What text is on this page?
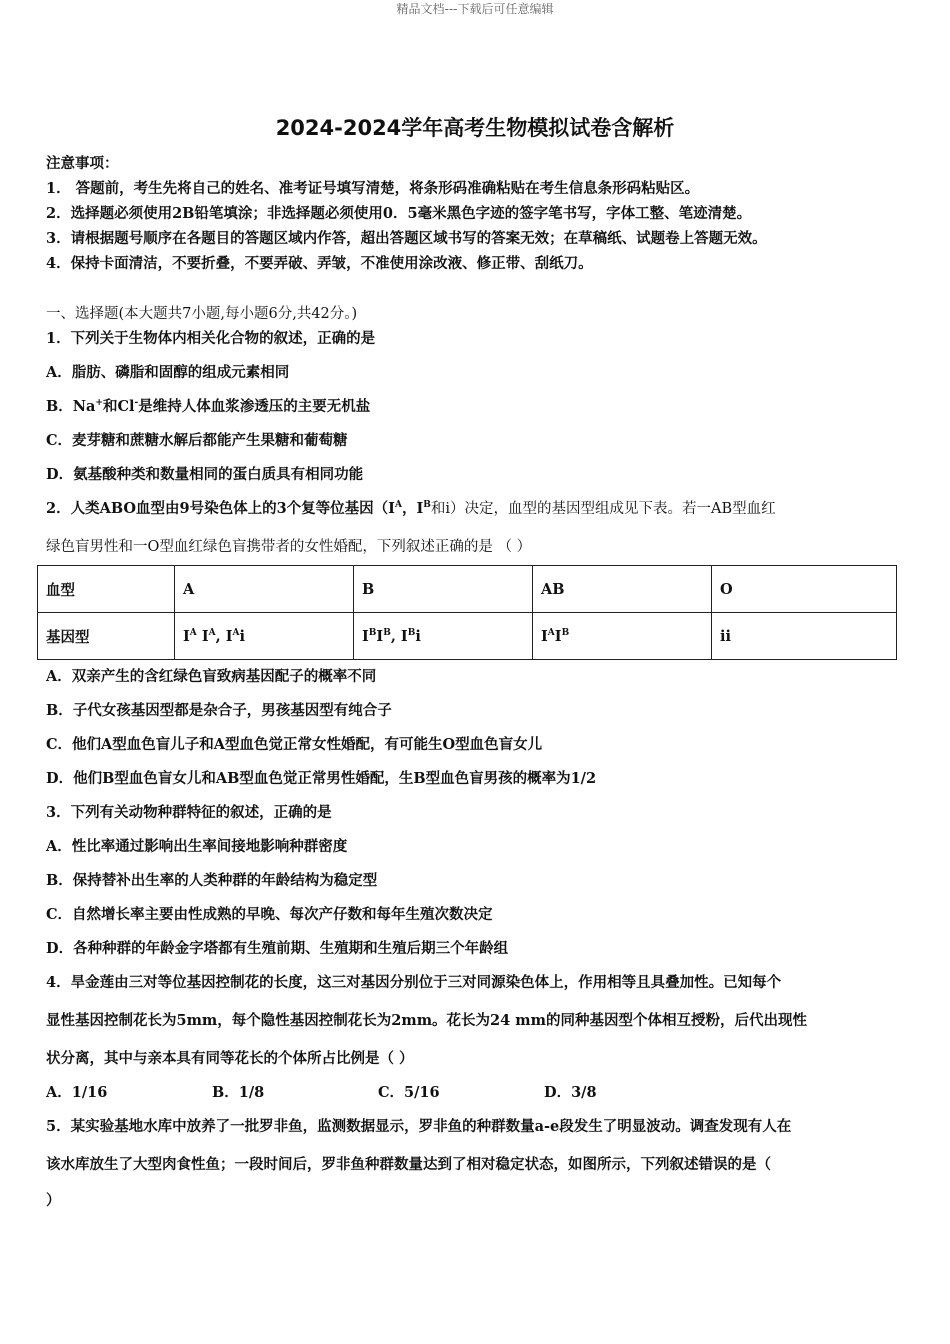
精品文档---下载后可任意编辑
2024-2024学年高考生物模拟试卷含解析
注意事项：
1． 答题前，考生先将自己的姓名、准考证号填写清楚，将条形码准确粘贴在考生信息条形码粘贴区。
2．选择题必须使用2B铅笔填涂；非选择题必须使用0．5毫米黑色字迹的签字笔书写，字体工整、笔迹清楚。
3．请根据题号顺序在各题目的答题区域内作答，超出答题区域书写的答案无效；在草稿纸、试题卷上答题无效。
4．保持卡面清洁，不要折叠，不要弄破、弄皱，不准使用涂改液、修正带、刮纸刀。
一、选择题(本大题共7小题,每小题6分,共42分。)
1．下列关于生物体内相关化合物的叙述，正确的是
A．脂肪、磷脂和固醇的组成元素相同
B．Na+和Cl-是维持人体血浆渗透压的主要无机盐
C．麦芽糖和蔗糖水解后都能产生果糖和葡萄糖
D．氨基酸种类和数量相同的蛋白质具有相同功能
2．人类ABO血型由9号染色体上的3个复等位基因（$I^A$，$I^B$和i）决定，血型的基因型组成见下表。若一AB型血红
绿色盲男性和一O型血红绿色盲携带者的女性婚配，下列叙述正确的是 （ ）
血型	A	B	AB	O
基因型	$I^A$ $I^A$, $I^Ai$	$I^BI^B$, $I^Bi$	$I^AI^B$	ii
A．双亲产生的含红绿色盲致病基因配子的概率不同
B．子代女孩基因型都是杂合子，男孩基因型有纯合子
C．他们A型血色盲儿子和A型血色觉正常女性婚配，有可能生O型血色盲女儿
D．他们B型血色盲女儿和AB型血色觉正常男性婚配，生B型血色盲男孩的概率为1/2
3．下列有关动物种群特征的叙述，正确的是
A．性比率通过影响出生率间接地影响种群密度
B．保持替补出生率的人类种群的年龄结构为稳定型
C．自然增长率主要由性成熟的早晚、每次产仔数和每年生殖次数决定
D．各种种群的年龄金字塔都有生殖前期、生殖期和生殖后期三个年龄组
4．旱金莲由三对等位基因控制花的长度，这三对基因分别位于三对同源染色体上，作用相等且具叠加性。已知每个
显性基因控制花长为5mm，每个隐性基因控制花长为2mm。花长为24 mm的同种基因型个体相互授粉，后代出现性
状分离，其中与亲本具有同等花长的个体所占比例是（ ）
A．1/16	B．1/8	C．5/16	D．3/8
5．某实验基地水库中放养了一批罗非鱼，监测数据显示，罗非鱼的种群数量a-e段发生了明显波动。调查发现有人在
该水库放生了大型肉食性鱼；一段时间后，罗非鱼种群数量达到了相对稳定状态，如图所示，下列叙述错误的是（
）
